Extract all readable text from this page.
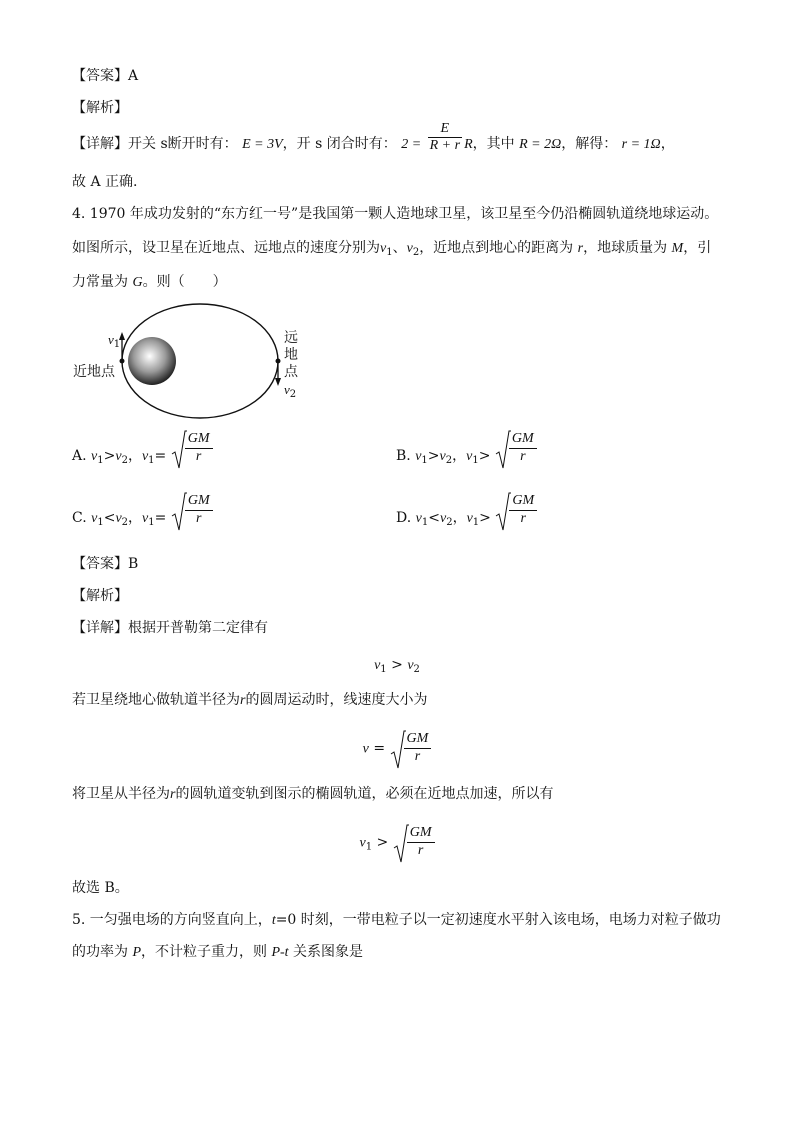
【答案】A
【解析】
【详解】开关 s断开时有： E = 3V，开 s 闭合时有： $2 = \frac{E}{R + r}$ R，其中 R = 2Ω，解得： r = 1Ω，
故 A 正确.
4. 1970 年成功发射的“东方红一号”是我国第一颗人造地球卫星，该卫星至今仍沿椭圆轨道绕地球运动。
如图所示，设卫星在近地点、远地点的速度分别为$v_1$、$v_2$，近地点到地心的距离为 r，地球质量为 M，引
力常量为 G。则（　　）
$v_1$
近地点
远
地
点
$v_2$
A. $v_1>v_2$，$v_1= \frac{GM}{r}$	B. $v_1>v_2$，$v_1> \frac{GM}{r}$
C. $v_1<v_2$，$v_1= \frac{GM}{r}$	D. $v_1<v_2$，$v_1> \frac{GM}{r}$
【答案】B
【解析】
【详解】根据开普勒第二定律有
$v_1 > v_2$
若卫星绕地心做轨道半径为r的圆周运动时，线速度大小为
$v = \frac{GM}{r}$
将卫星从半径为r的圆轨道变轨到图示的椭圆轨道，必须在近地点加速，所以有
$v_1 > \frac{GM}{r}$
故选 B。
5. 一匀强电场的方向竖直向上，t=0 时刻，一带电粒子以一定初速度水平射入该电场，电场力对粒子做功
的功率为 P，不计粒子重力，则 P-t 关系图象是
